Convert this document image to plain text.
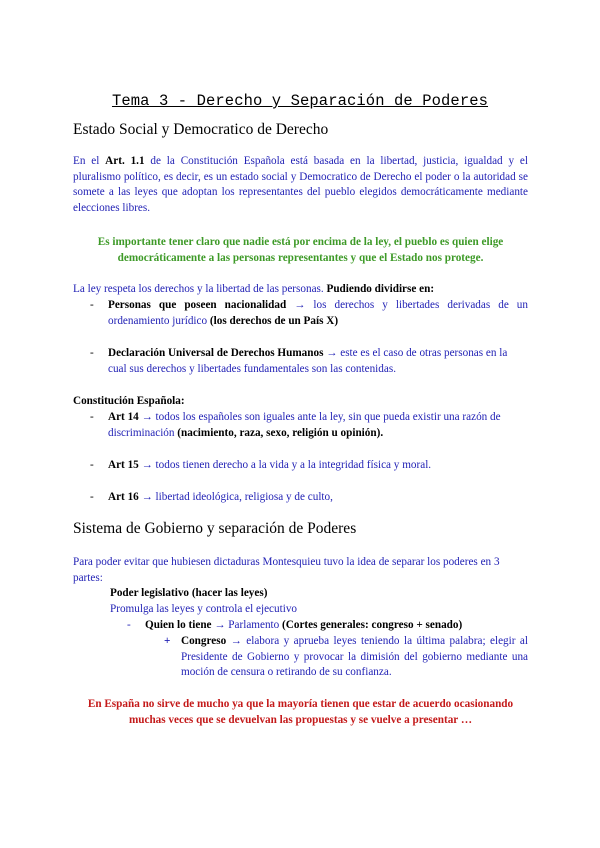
Tema 3 - Derecho y Separación de Poderes
Estado Social y Democratico de Derecho
En el Art. 1.1 de la Constitución Española está basada en la libertad, justicia, igualdad y el pluralismo político, es decir, es un estado social y Democratico de Derecho el poder o la autoridad se somete a las leyes que adoptan los representantes del pueblo elegidos democráticamente mediante elecciones libres.
Es importante tener claro que nadie está por encima de la ley, el pueblo es quien elige democráticamente a las personas representantes y que el Estado nos protege.
La ley respeta los derechos y la libertad de las personas. Pudiendo dividirse en:
- Personas que poseen nacionalidad → los derechos y libertades derivadas de un ordenamiento jurídico (los derechos de un País X)
- Declaración Universal de Derechos Humanos → este es el caso de otras personas en la cual sus derechos y libertades fundamentales son las contenidas.
Constitución Española:
- Art 14 → todos los españoles son iguales ante la ley, sin que pueda existir una razón de discriminación (nacimiento, raza, sexo, religión u opinión).
- Art 15 → todos tienen derecho a la vida y a la integridad física y moral.
- Art 16 → libertad ideológica, religiosa y de culto,
Sistema de Gobierno y separación de Poderes
Para poder evitar que hubiesen dictaduras Montesquieu tuvo la idea de separar los poderes en 3 partes:
Poder legislativo (hacer las leyes)
Promulga las leyes y controla el ejecutivo
- Quien lo tiene → Parlamento (Cortes generales: congreso + senado)
+ Congreso → elabora y aprueba leyes teniendo la última palabra; elegir al Presidente de Gobierno y provocar la dimisión del gobierno mediante una moción de censura o retirando de su confianza.
En España no sirve de mucho ya que la mayoría tienen que estar de acuerdo ocasionando muchas veces que se devuelvan las propuestas y se vuelve a presentar …
